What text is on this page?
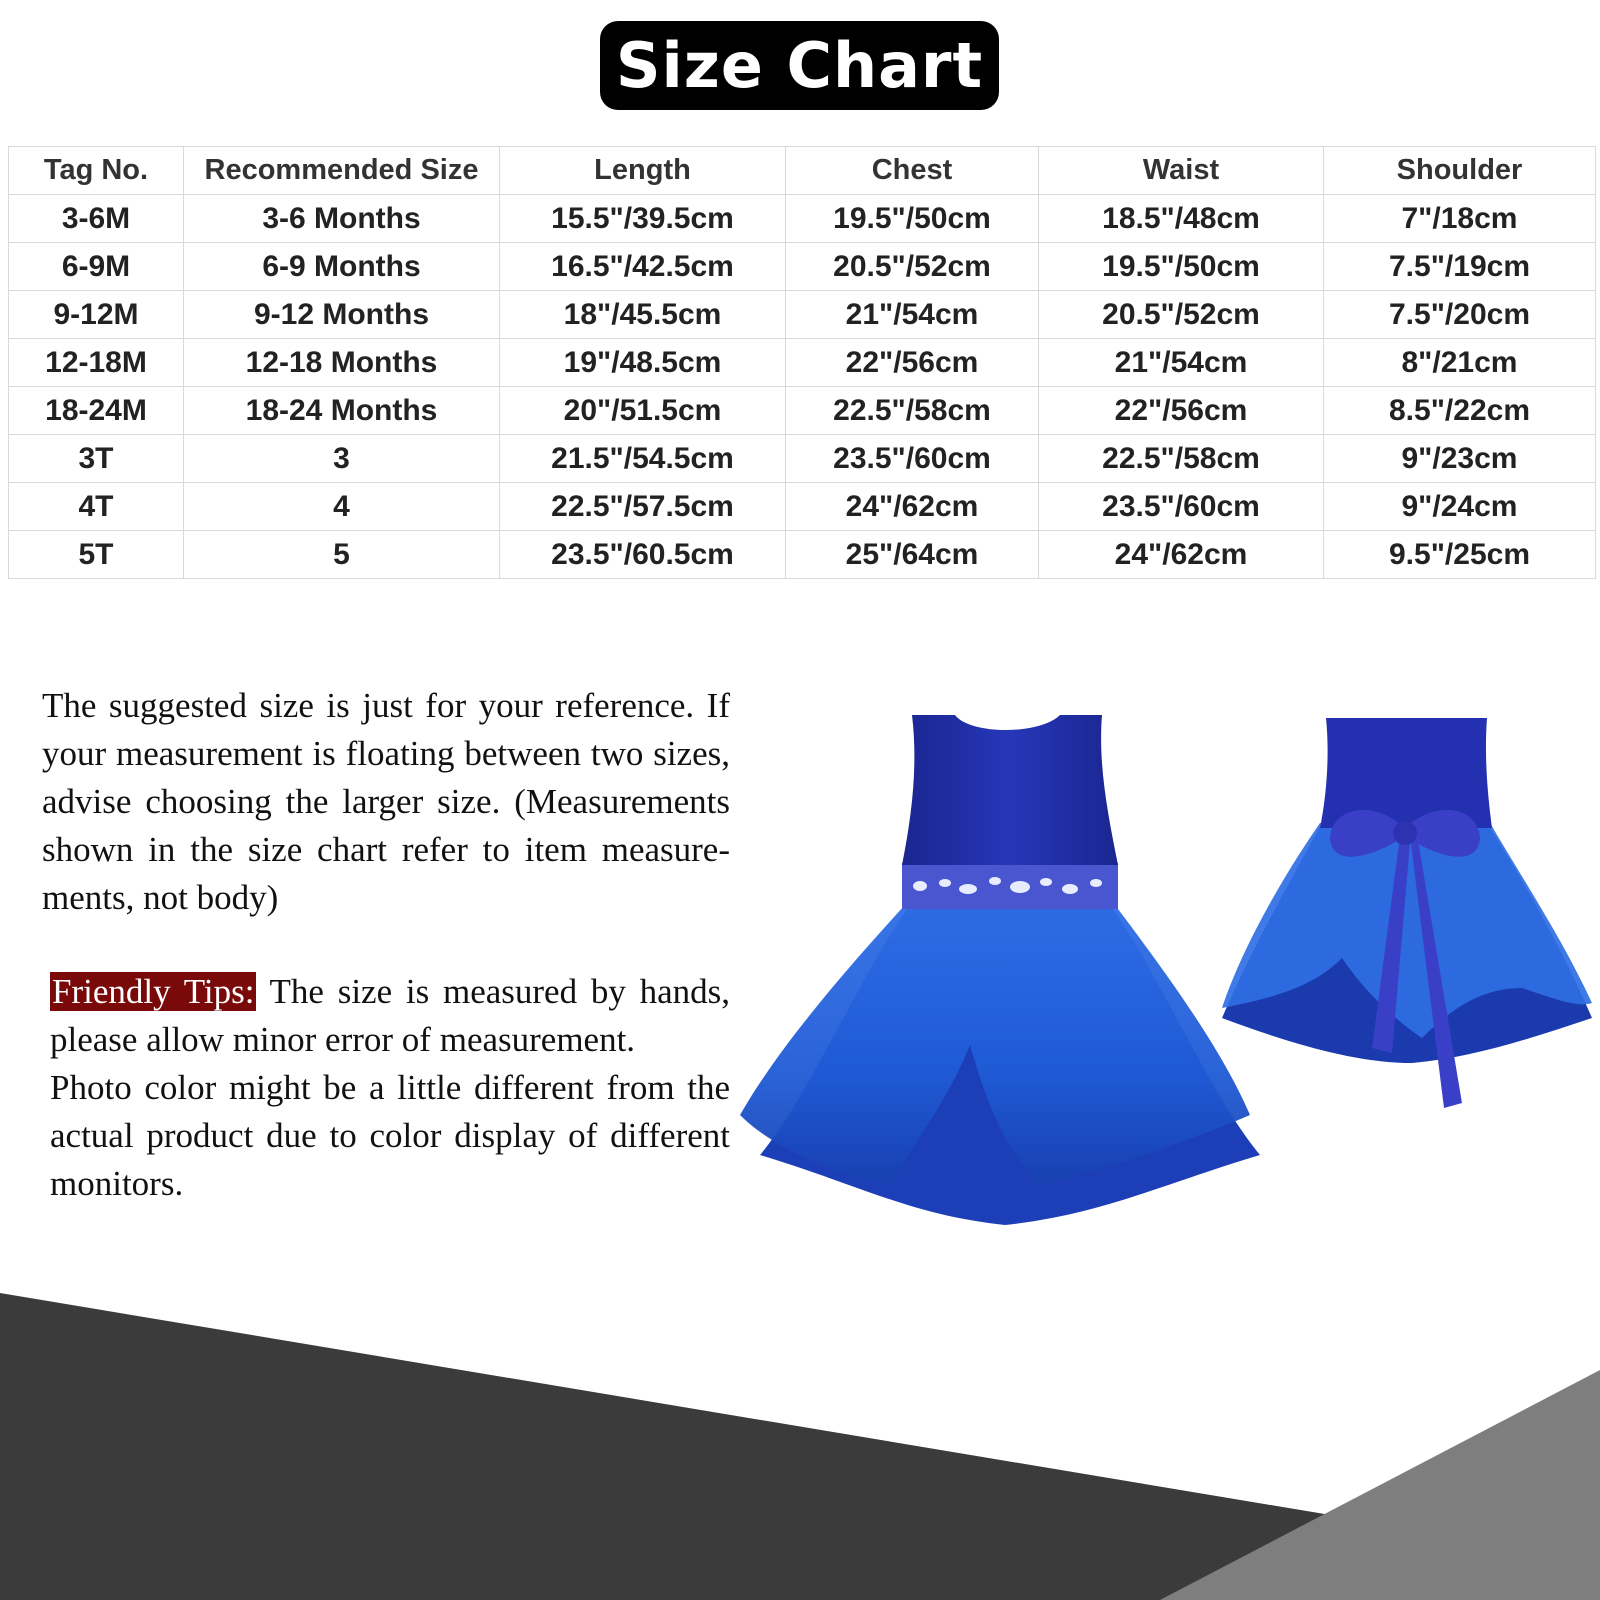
Size Chart
Tag No.	Recommended Size	Length	Chest	Waist	Shoulder
3-6M	3-6 Months	15.5"/39.5cm	19.5"/50cm	18.5"/48cm	7"/18cm
6-9M	6-9 Months	16.5"/42.5cm	20.5"/52cm	19.5"/50cm	7.5"/19cm
9-12M	9-12 Months	18"/45.5cm	21"/54cm	20.5"/52cm	7.5"/20cm
12-18M	12-18 Months	19"/48.5cm	22"/56cm	21"/54cm	8"/21cm
18-24M	18-24 Months	20"/51.5cm	22.5"/58cm	22"/56cm	8.5"/22cm
3T	3	21.5"/54.5cm	23.5"/60cm	22.5"/58cm	9"/23cm
4T	4	22.5"/57.5cm	24"/62cm	23.5"/60cm	9"/24cm
5T	5	23.5"/60.5cm	25"/64cm	24"/62cm	9.5"/25cm
The suggested size is just for your reference. If your measurement is floating between two sizes, advise choosing the larger size. (Measurements shown in the size chart refer to item measure-ments, not body)
Friendly Tips: The size is measured by hands, please allow minor error of measurement.
Photo color might be a little different from the actual product due to color display of different monitors.
